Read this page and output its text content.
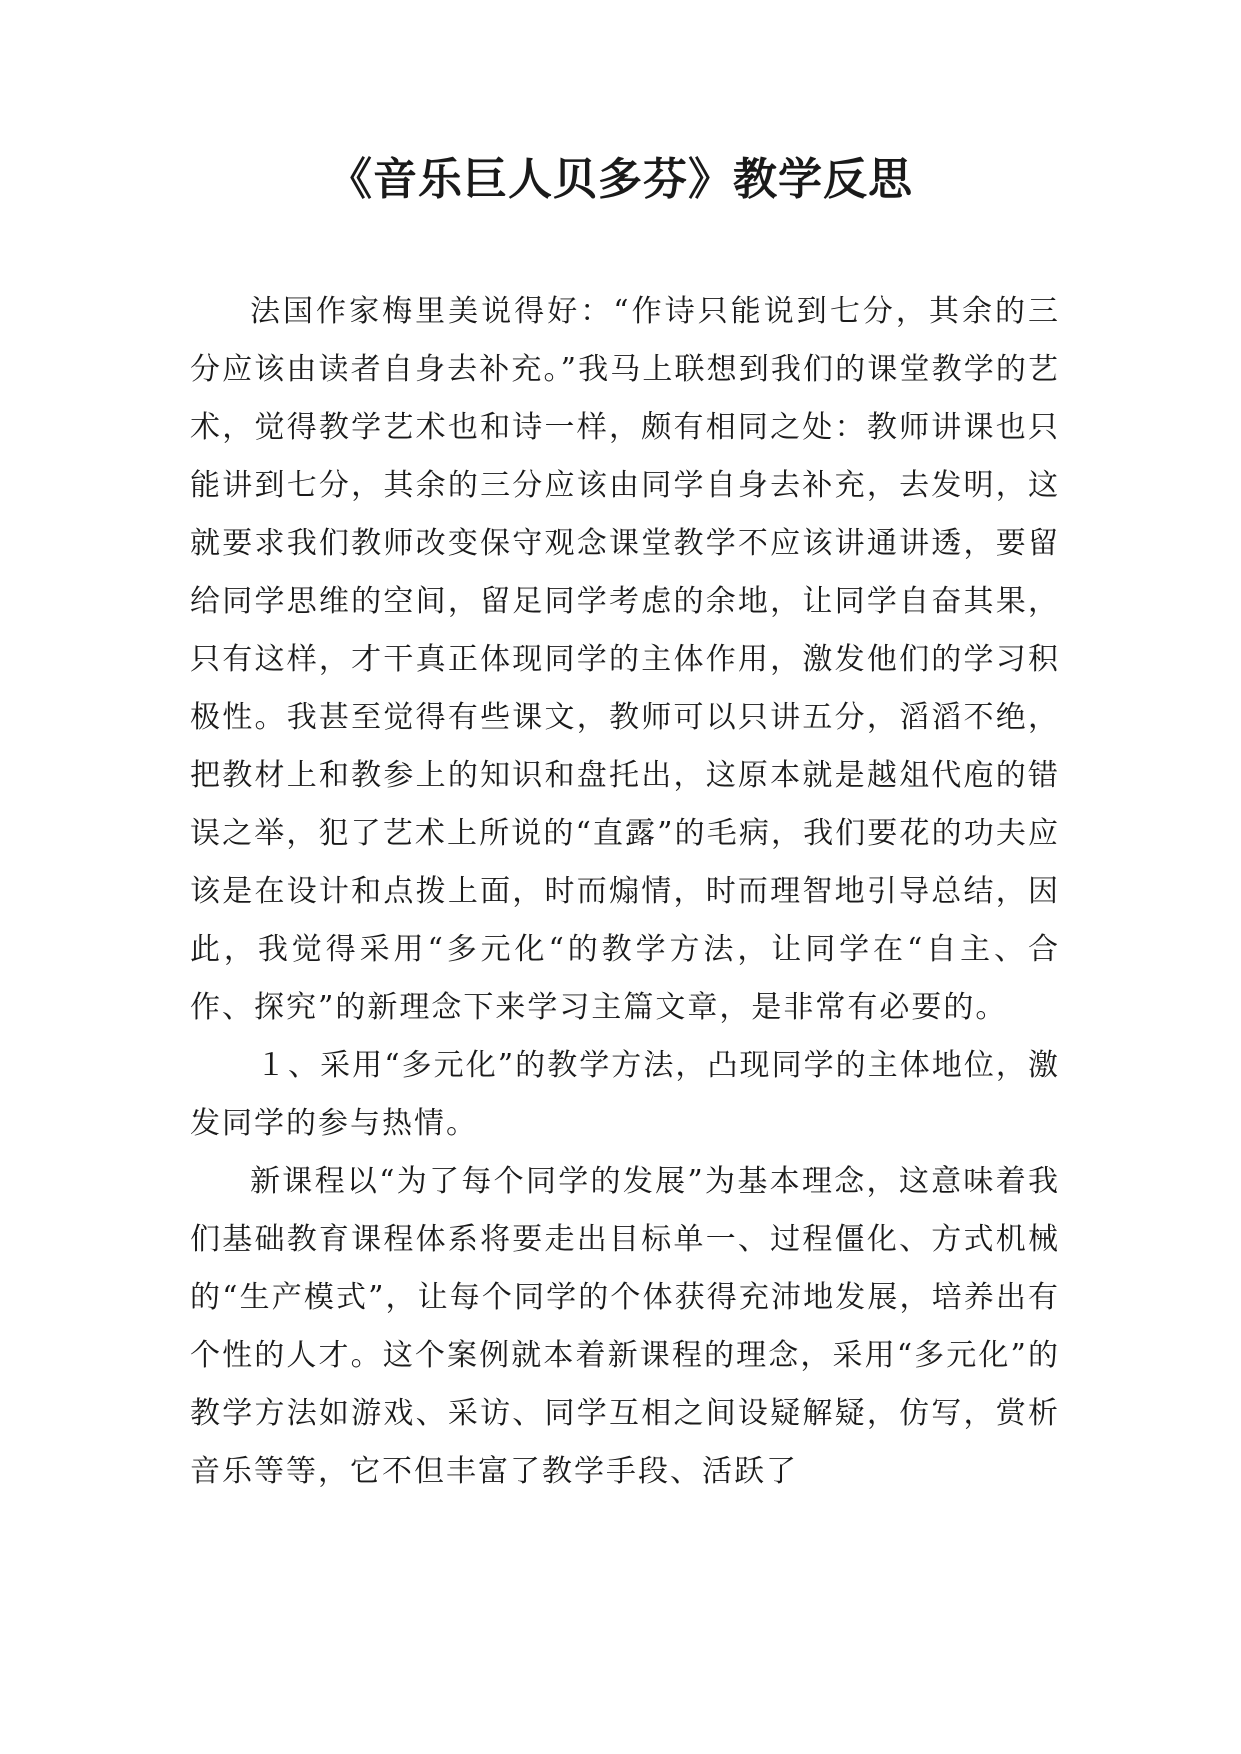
《音乐巨人贝多芬》教学反思

法国作家梅里美说得好：“作诗只能说到七分，其余的三分应该由读者自身去补充。”我马上联想到我们的课堂教学的艺术，觉得教学艺术也和诗一样，颇有相同之处：教师讲课也只能讲到七分，其余的三分应该由同学自身去补充，去发明，这就要求我们教师改变保守观念课堂教学不应该讲通讲透，要留给同学思维的空间，留足同学考虑的余地，让同学自奋其果，只有这样，才干真正体现同学的主体作用，激发他们的学习积极性。我甚至觉得有些课文，教师可以只讲五分，滔滔不绝，把教材上和教参上的知识和盘托出，这原本就是越俎代庖的错误之举，犯了艺术上所说的“直露”的毛病，我们要花的功夫应该是在设计和点拨上面，时而煽情，时而理智地引导总结，因此，我觉得采用“多元化“的教学方法，让同学在“自主、合作、探究”的新理念下来学习主篇文章，是非常有必要的。

１、采用“多元化”的教学方法，凸现同学的主体地位，激发同学的参与热情。

新课程以“为了每个同学的发展”为基本理念，这意味着我们基础教育课程体系将要走出目标单一、过程僵化、方式机械的“生产模式”，让每个同学的个体获得充沛地发展，培养出有个性的人才。这个案例就本着新课程的理念，采用“多元化”的教学方法如游戏、采访、同学互相之间设疑解疑，仿写，赏析音乐等等，它不但丰富了教学手段、活跃了
